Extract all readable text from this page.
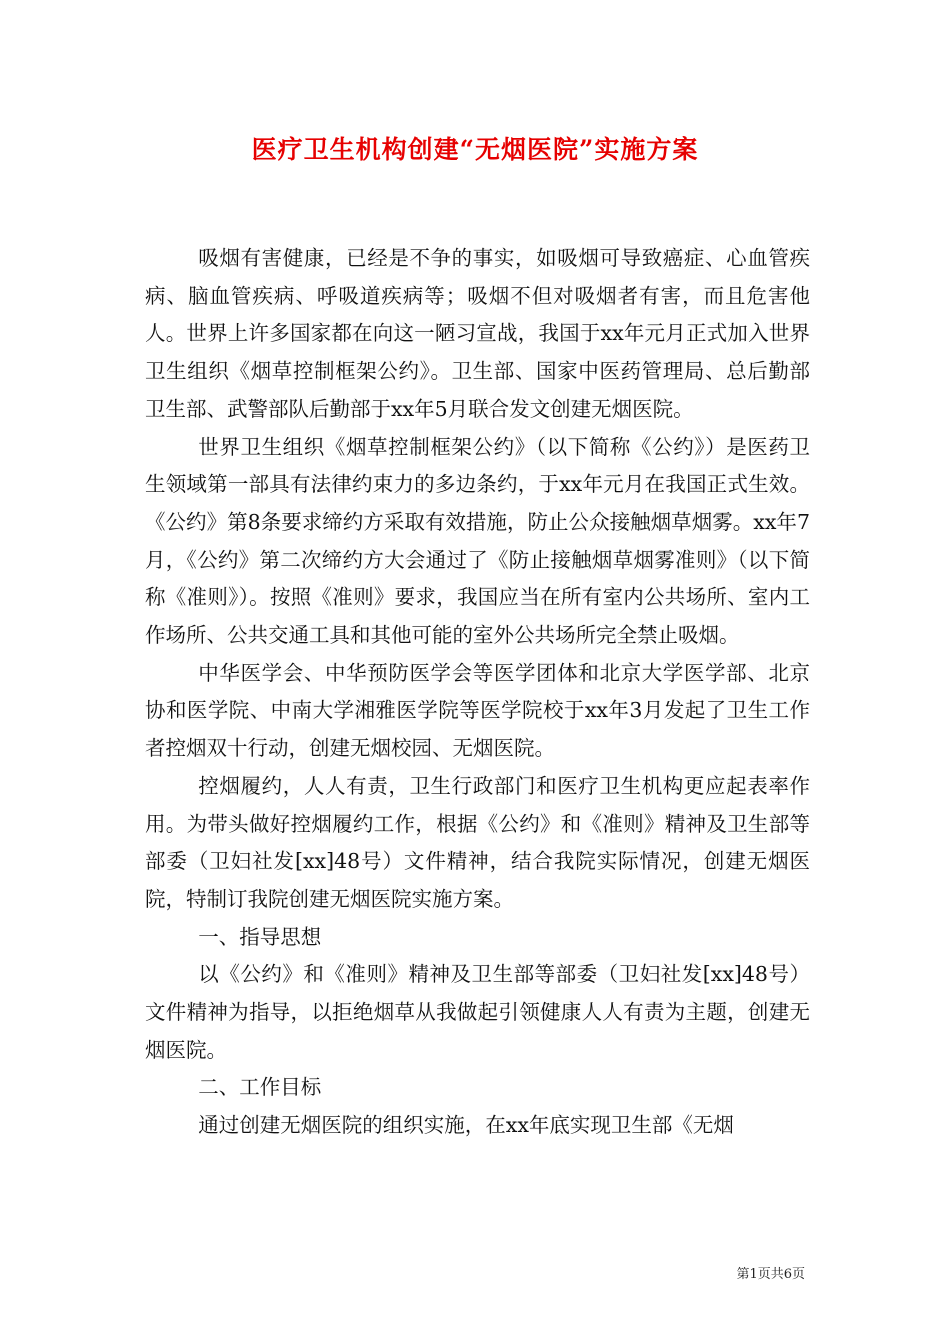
医疗卫生机构创建“无烟医院”实施方案

吸烟有害健康，已经是不争的事实，如吸烟可导致癌症、心血管疾病、脑血管疾病、呼吸道疾病等；吸烟不但对吸烟者有害，而且危害他人。世界上许多国家都在向这一陋习宣战，我国于xx年元月正式加入世界卫生组织《烟草控制框架公约》。卫生部、国家中医药管理局、总后勤部卫生部、武警部队后勤部于xx年5月联合发文创建无烟医院。

世界卫生组织《烟草控制框架公约》（以下简称《公约》）是医药卫生领域第一部具有法律约束力的多边条约，于xx年元月在我国正式生效。《公约》第8条要求缔约方采取有效措施，防止公众接触烟草烟雾。xx年7月，《公约》第二次缔约方大会通过了《防止接触烟草烟雾准则》（以下简称《准则》）。按照《准则》要求，我国应当在所有室内公共场所、室内工作场所、公共交通工具和其他可能的室外公共场所完全禁止吸烟。

中华医学会、中华预防医学会等医学团体和北京大学医学部、北京协和医学院、中南大学湘雅医学院等医学院校于xx年3月发起了卫生工作者控烟双十行动，创建无烟校园、无烟医院。

控烟履约，人人有责，卫生行政部门和医疗卫生机构更应起表率作用。为带头做好控烟履约工作，根据《公约》和《准则》精神及卫生部等部委（卫妇社发[xx]48号）文件精神，结合我院实际情况，创建无烟医院，特制订我院创建无烟医院实施方案。

一、指导思想

以《公约》和《准则》精神及卫生部等部委（卫妇社发[xx]48号）文件精神为指导，以拒绝烟草从我做起引领健康人人有责为主题，创建无烟医院。

二、工作目标

通过创建无烟医院的组织实施，在xx年底实现卫生部《无烟

第1页共6页
